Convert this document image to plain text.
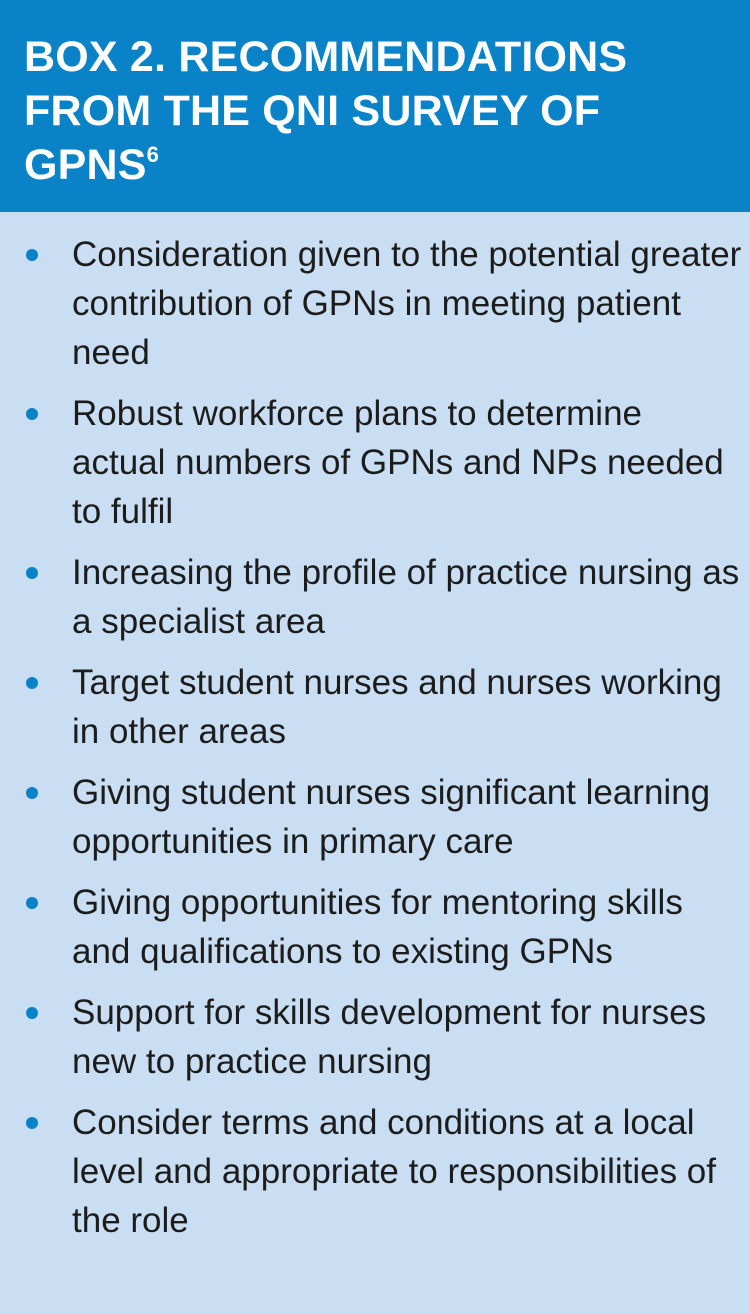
BOX 2. RECOMMENDATIONS FROM THE QNI SURVEY OF GPNS$^6$
Consideration given to the potential greater contribution of GPNs in meeting patient need
Robust workforce plans to determine actual numbers of GPNs and NPs needed to fulfil
Increasing the profile of practice nursing as a specialist area
Target student nurses and nurses working in other areas
Giving student nurses significant learning opportunities in primary care
Giving opportunities for mentoring skills and qualifications to existing GPNs
Support for skills development for nurses new to practice nursing
Consider terms and conditions at a local level and appropriate to responsibilities of the role
